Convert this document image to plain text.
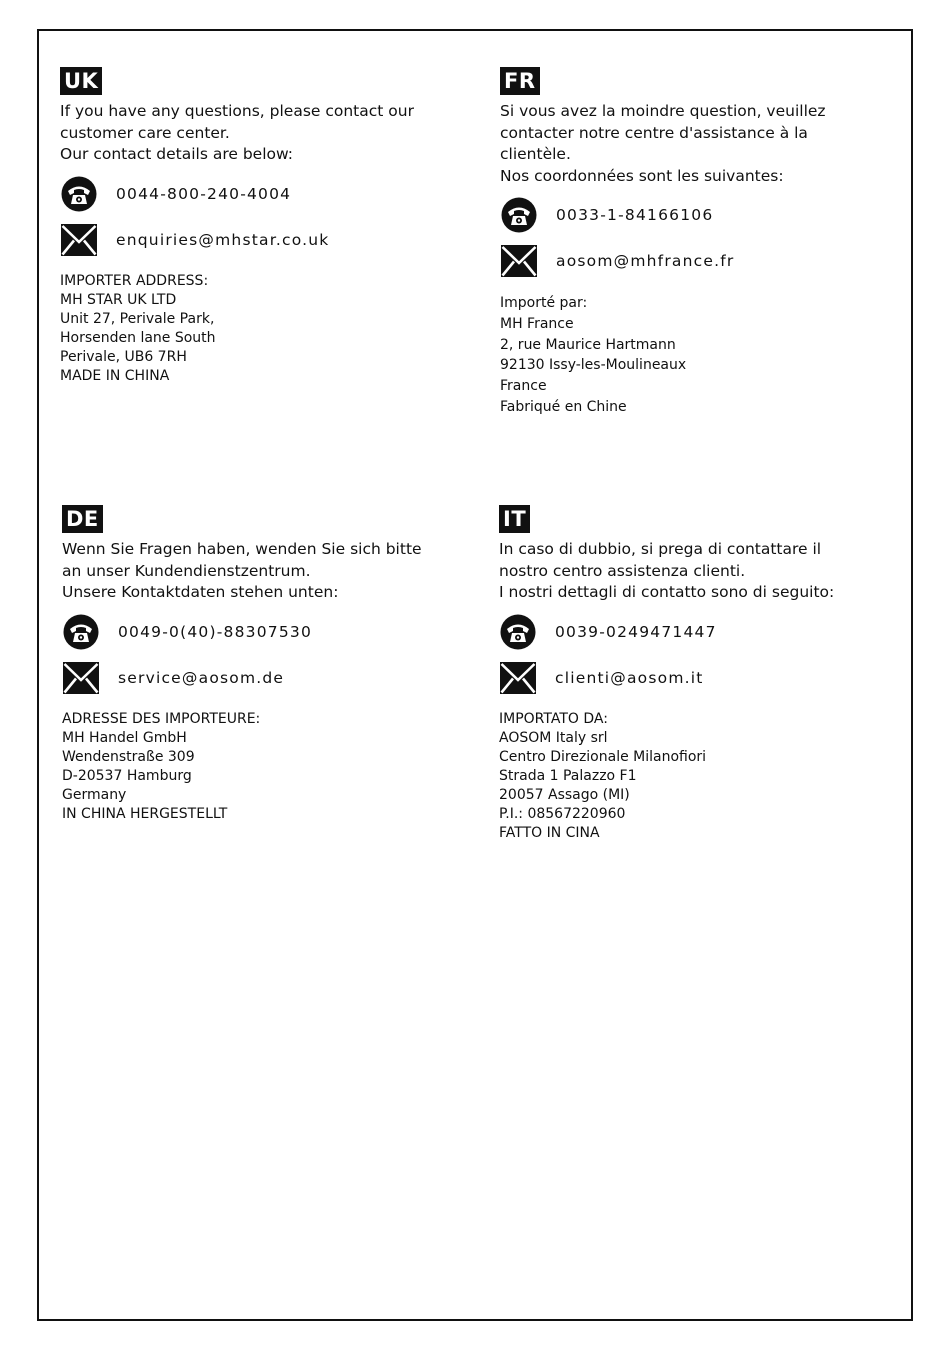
UK
If you have any questions, please contact our
customer care center.
Our contact details are below:
0044-800-240-4004
enquiries@mhstar.co.uk
IMPORTER ADDRESS:
MH STAR UK LTD
Unit 27, Perivale Park,
Horsenden lane South
Perivale, UB6 7RH
MADE IN CHINA
FR
Si vous avez la moindre question, veuillez
contacter notre centre d'assistance à la
clientèle.
Nos coordonnées sont les suivantes:
0033-1-84166106
aosom@mhfrance.fr
Importé par:
MH France
2, rue Maurice Hartmann
92130 Issy-les-Moulineaux
France
Fabriqué en Chine
DE
Wenn Sie Fragen haben, wenden Sie sich bitte
an unser Kundendienstzentrum.
Unsere Kontaktdaten stehen unten:
0049-0(40)-88307530
service@aosom.de
ADRESSE DES IMPORTEURE:
MH Handel GmbH
Wendenstraße 309
D-20537 Hamburg
Germany
IN CHINA HERGESTELLT
IT
In caso di dubbio, si prega di contattare il
nostro centro assistenza clienti.
I nostri dettagli di contatto sono di seguito:
0039-0249471447
clienti@aosom.it
IMPORTATO DA:
AOSOM Italy srl
Centro Direzionale Milanofiori
Strada 1 Palazzo F1
20057 Assago (MI)
P.I.: 08567220960
FATTO IN CINA
